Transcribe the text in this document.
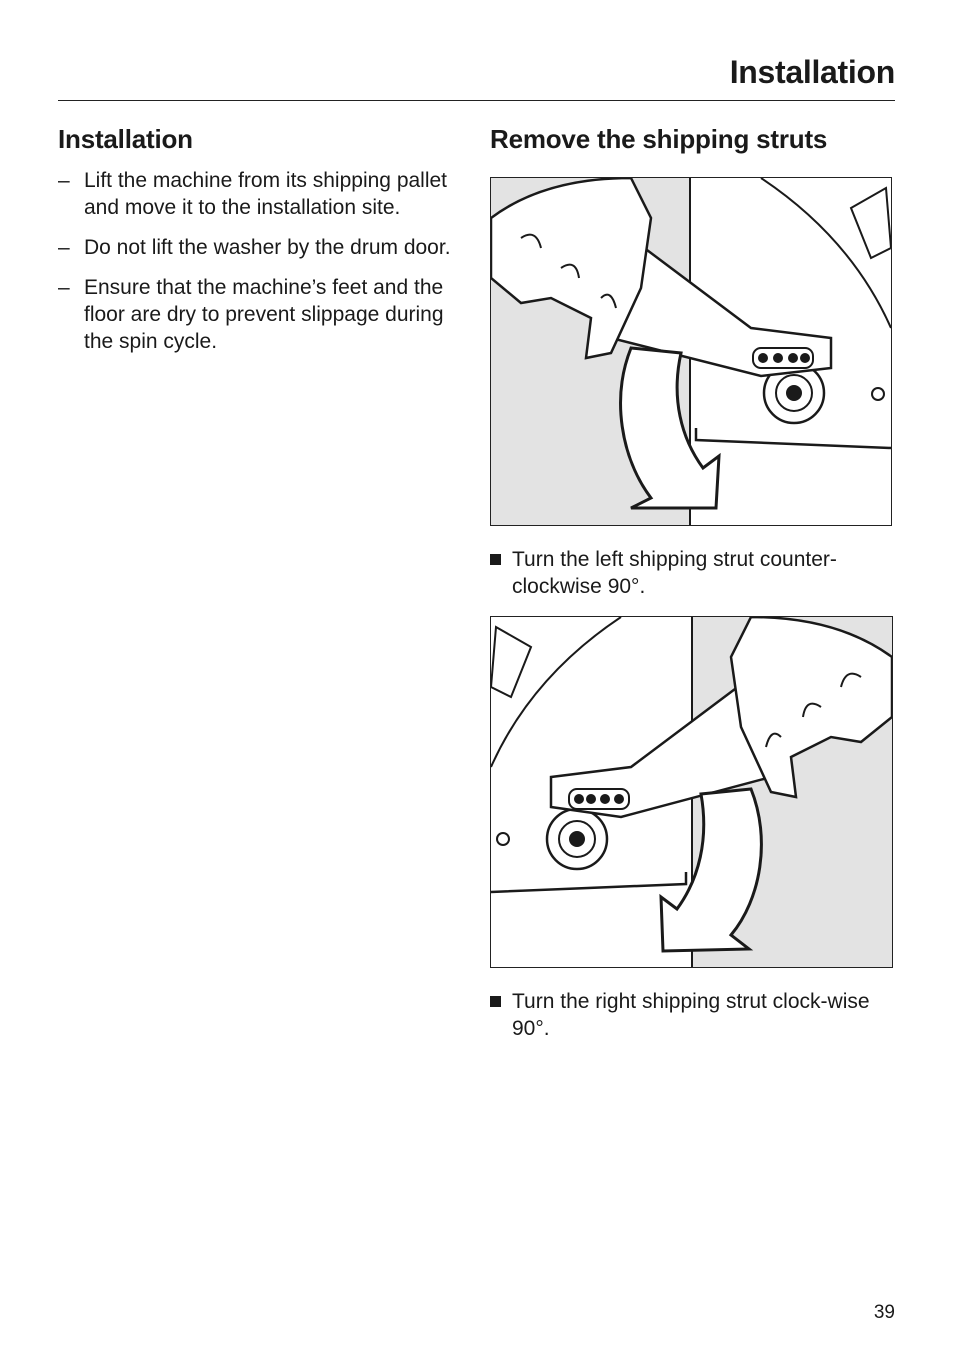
Installation
Installation
– Lift the machine from its shipping pallet and move it to the installation site.
– Do not lift the washer by the drum door.
– Ensure that the machine’s feet and the floor are dry to prevent slippage during the spin cycle.
Remove the shipping struts
Turn the left shipping strut counter-clockwise 90°.
Turn the right shipping strut clock-wise 90°.
39
